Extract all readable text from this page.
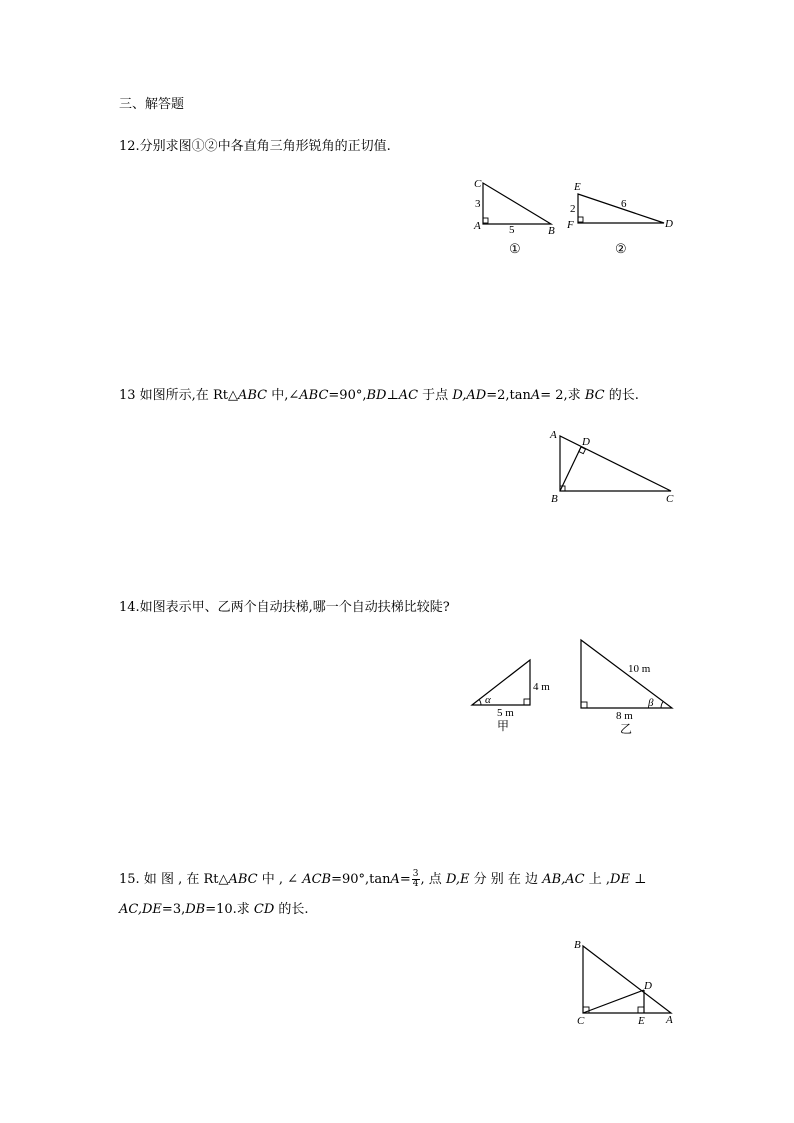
三、解答题
12.分别求图①②中各直角三角形锐角的正切值.
C
A	B
3
5
①
E
F	D
2	6
②
13 如图所示,在 Rt△ABC 中,∠ABC=90°,BD⊥AC 于点 D,AD=2,tanA= 2,求 BC 的长.
A
D
B	C
14.如图表示甲、乙两个自动扶梯,哪一个自动扶梯比较陡?
α
4 m
5 m
甲
10 m
β
8 m
乙
15. 如 图 , 在 Rt△ABC 中 , ∠ $ACB=90^\circ,\tan A= \frac{3}{4}$ , 点 D,E 分 别 在 边 AB,AC 上 ,DE ⊥
AC,DE=3,DB=10.求 CD 的长.
B
D
C	E A
